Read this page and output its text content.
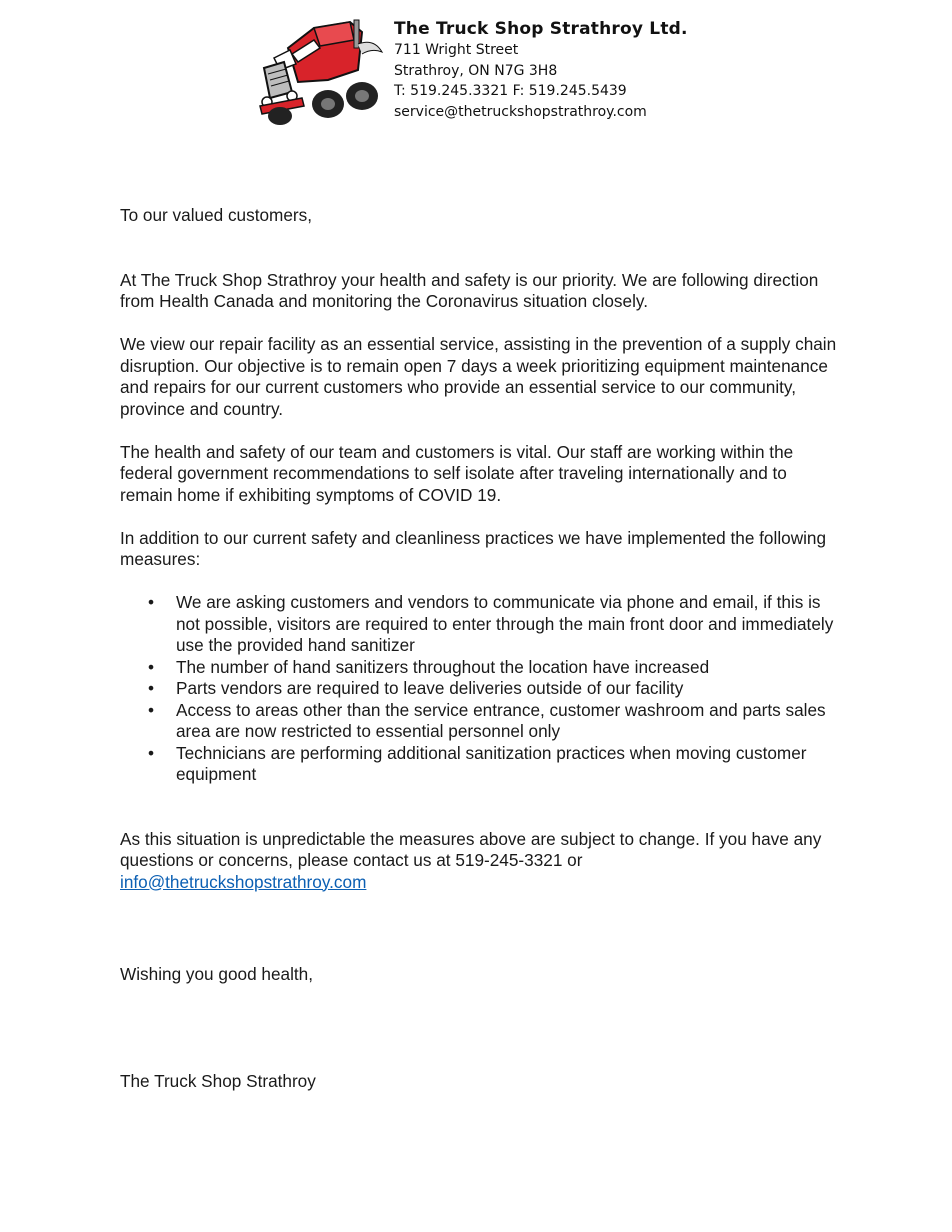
The Truck Shop Strathroy Ltd.
711 Wright Street
Strathroy, ON N7G 3H8
T: 519.245.3321 F: 519.245.5439
service@thetruckshopstrathroy.com

To our valued customers,

At The Truck Shop Strathroy your health and safety is our priority. We are following direction from Health Canada and monitoring the Coronavirus situation closely.

We view our repair facility as an essential service, assisting in the prevention of a supply chain disruption. Our objective is to remain open 7 days a week prioritizing equipment maintenance and repairs for our current customers who provide an essential service to our community, province and country.

The health and safety of our team and customers is vital. Our staff are working within the federal government recommendations to self isolate after traveling internationally and to remain home if exhibiting symptoms of COVID 19.

In addition to our current safety and cleanliness practices we have implemented the following measures:

• We are asking customers and vendors to communicate via phone and email, if this is not possible, visitors are required to enter through the main front door and immediately use the provided hand sanitizer
• The number of hand sanitizers throughout the location have increased
• Parts vendors are required to leave deliveries outside of our facility
• Access to areas other than the service entrance, customer washroom and parts sales area are now restricted to essential personnel only
• Technicians are performing additional sanitization practices when moving customer equipment

As this situation is unpredictable the measures above are subject to change. If you have any questions or concerns, please contact us at 519-245-3321 or
info@thetruckshopstrathroy.com

Wishing you good health,
The Truck Shop Strathroy
